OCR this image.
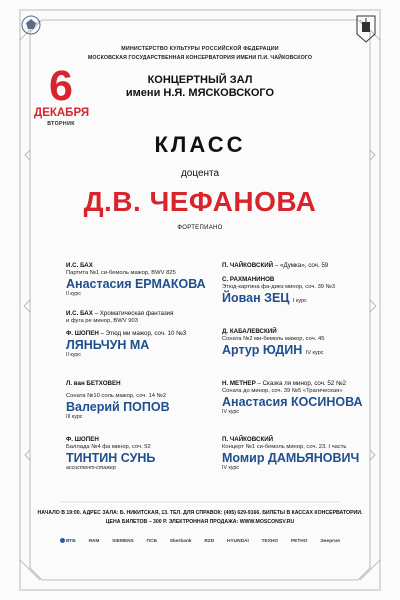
МИНИСТЕРСТВО КУЛЬТУРЫ РОССИЙСКОЙ ФЕДЕРАЦИИ
МОСКОВСКАЯ ГОСУДАРСТВЕННАЯ КОНСЕРВАТОРИЯ ИМЕНИ П.И. ЧАЙКОВСКОГО
6
ДЕКАБРЯ
ВТОРНИК
КОНЦЕРТНЫЙ ЗАЛ
имени Н.Я. МЯСКОВСКОГО
КЛАСС
доцента
Д.В. ЧЕФАНОВА
ФОРТЕПИАНО
И.С. БАХ
Партита №1 си-бемоль мажор, BWV 825
Анастасия ЕРМАКОВА
II курс
И.С. БАХ – Хроматическая фантазия
и фуга ре минор, BWV 903
Ф. ШОПЕН – Этюд ми мажор, соч. 10 №3
ЛЯНЬЧУН МА
II курс
Л. ван БЕТХОВЕН
Соната №10 соль мажор, соч. 14 №2
Валерий ПОПОВ
III курс
Ф. ШОПЕН
Баллада №4 фа минор, соч. 52
ТИНТИН СУНЬ
ассистент-стажер
П. ЧАЙКОВСКИЙ – «Думка», соч. 59
С. РАХМАНИНОВ
Этюд-картина фа-диез минор, соч. 39 №3
Йован ЗЕЦ I курс
Д. КАБАЛЕВСКИЙ
Соната №2 ми-бемоль мажор, соч. 45
Артур ЮДИН IV курс
Н. МЕТНЕР – Сказка ля минор, соч. 52 №2
Соната до минор, соч. 39 №5 «Трагическая»
Анастасия КОСИНОВА
IV курс
П. ЧАЙКОВСКИЙ
Концерт №1 си-бемоль минор, соч. 23. I часть
Момир ДАМЬЯНОВИЧ
IV курс
НАЧАЛО В 19:00. АДРЕС ЗАЛА: Б. НИКИТСКАЯ, 13. ТЕЛ. ДЛЯ СПРАВОК: (495) 629-9166. БИЛЕТЫ В КАССАХ КОНСЕРВАТОРИИ.
ЦЕНА БИЛЕТОВ – 300 Р. ЭЛЕКТРОННАЯ ПРОДАЖА: WWW.MOSCONSV.RU
ВТБ	ЯАМ	SIEMENS	ПСБ	Sberbank	RZD	HYUNDAI	ТЕХНО	РЕТНО	Энергия
